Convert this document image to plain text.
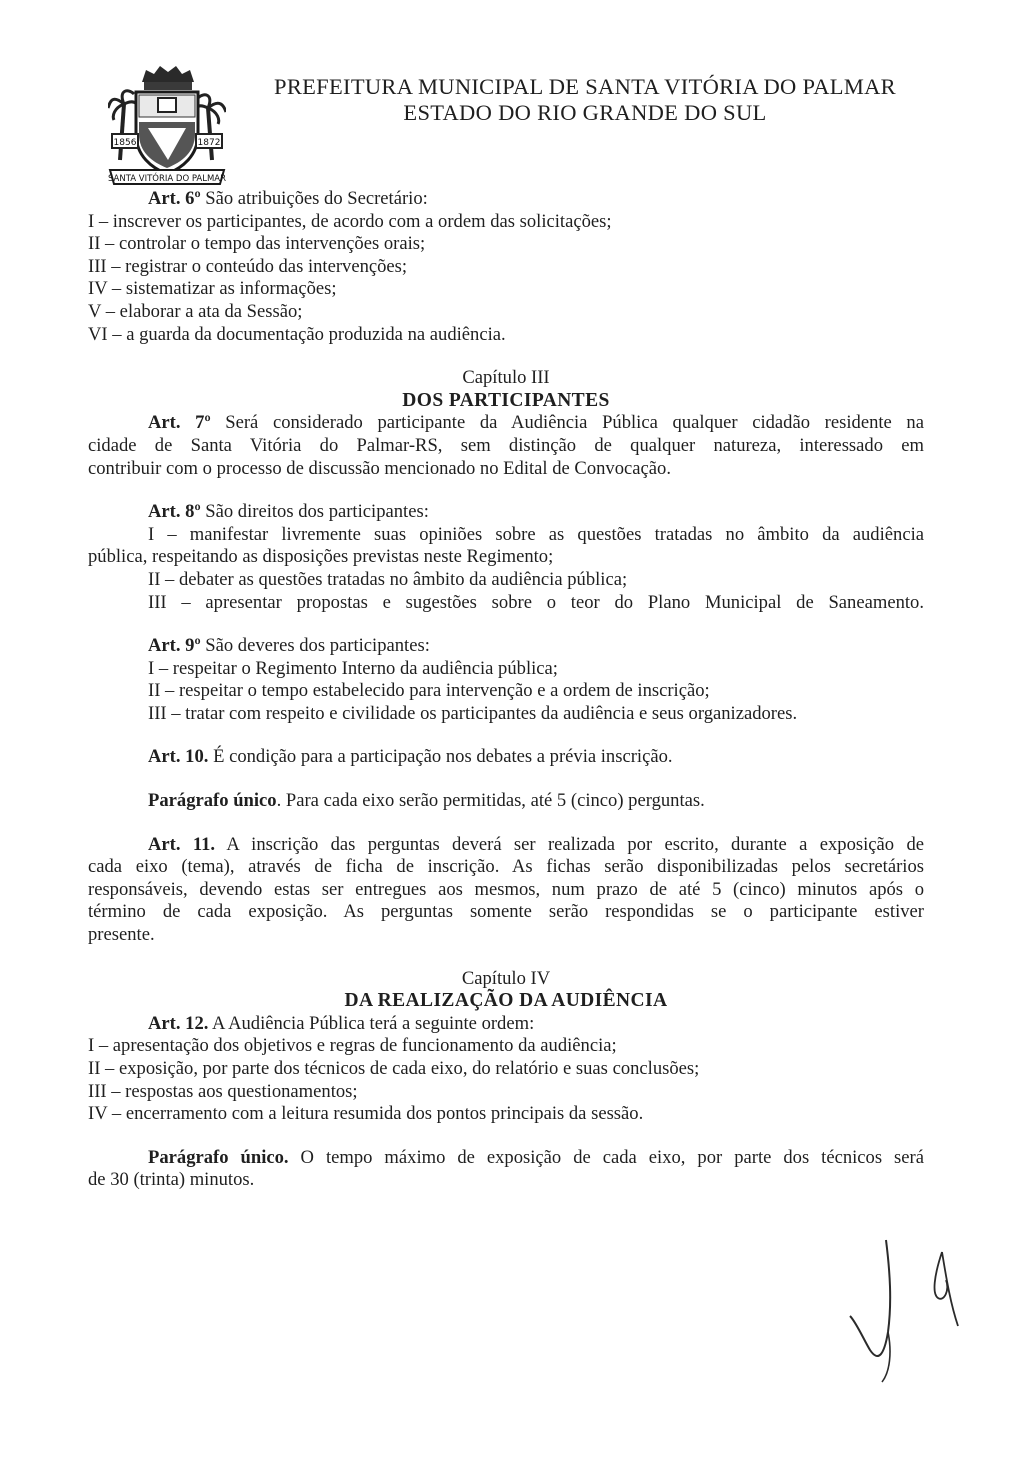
1856	1872
SANTA VITÓRIA DO PALMAR
PREFEITURA MUNICIPAL DE SANTA VITÓRIA DO PALMAR
ESTADO DO RIO GRANDE DO SUL
Art. 6º São atribuições do Secretário:
I – inscrever os participantes, de acordo com a ordem das solicitações;
II – controlar o tempo das intervenções orais;
III – registrar o conteúdo das intervenções;
IV – sistematizar as informações;
V – elaborar a ata da Sessão;
VI – a guarda da documentação produzida na audiência.
Capítulo III
DOS PARTICIPANTES
Art. 7º Será considerado participante da Audiência Pública qualquer cidadão residente na
cidade de Santa Vitória do Palmar-RS, sem distinção de qualquer natureza, interessado em
contribuir com o processo de discussão mencionado no Edital de Convocação.
Art. 8º São direitos dos participantes:
I – manifestar livremente suas opiniões sobre as questões tratadas no âmbito da audiência
pública, respeitando as disposições previstas neste Regimento;
II – debater as questões tratadas no âmbito da audiência pública;
III – apresentar propostas e sugestões sobre o teor do Plano Municipal de Saneamento.
Art. 9º São deveres dos participantes:
I – respeitar o Regimento Interno da audiência pública;
II – respeitar o tempo estabelecido para intervenção e a ordem de inscrição;
III – tratar com respeito e civilidade os participantes da audiência e seus organizadores.
Art. 10. É condição para a participação nos debates a prévia inscrição.
Parágrafo único. Para cada eixo serão permitidas, até 5 (cinco) perguntas.
Art. 11. A inscrição das perguntas deverá ser realizada por escrito, durante a exposição de
cada eixo (tema), através de ficha de inscrição. As fichas serão disponibilizadas pelos secretários
responsáveis, devendo estas ser entregues aos mesmos, num prazo de até 5 (cinco) minutos após o
término de cada exposição. As perguntas somente serão respondidas se o participante estiver
presente.
Capítulo IV
DA REALIZAÇÃO DA AUDIÊNCIA
Art. 12. A Audiência Pública terá a seguinte ordem:
I – apresentação dos objetivos e regras de funcionamento da audiência;
II – exposição, por parte dos técnicos de cada eixo, do relatório e suas conclusões;
III – respostas aos questionamentos;
IV – encerramento com a leitura resumida dos pontos principais da sessão.
Parágrafo único. O tempo máximo de exposição de cada eixo, por parte dos técnicos será
de 30 (trinta) minutos.
